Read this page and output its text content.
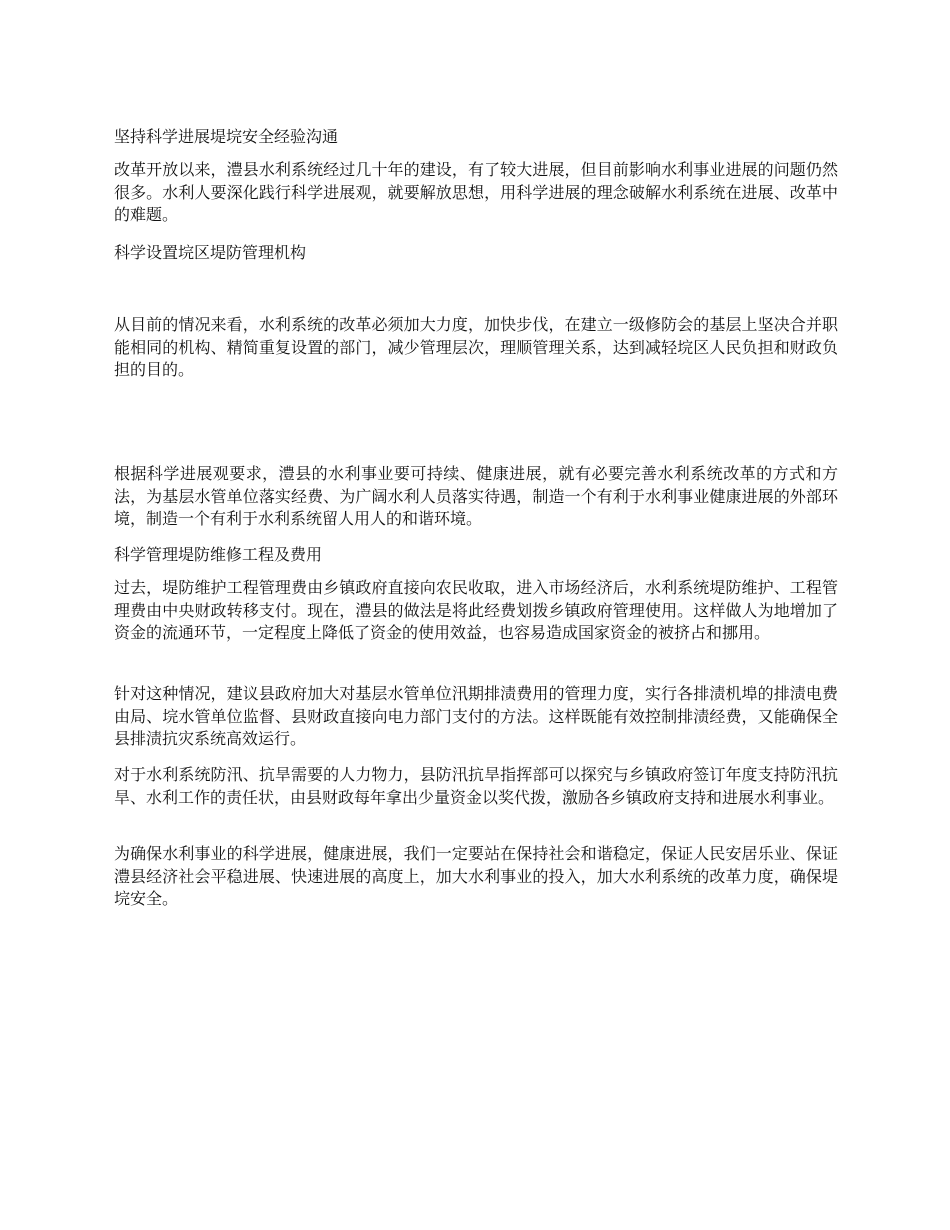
坚持科学进展堤垸安全经验沟通
改革开放以来，澧县水利系统经过几十年的建设，有了较大进展，但目前影响水利事业进展的问题仍然很多。水利人要深化践行科学进展观，就要解放思想，用科学进展的理念破解水利系统在进展、改革中的难题。
科学设置垸区堤防管理机构
从目前的情况来看，水利系统的改革必须加大力度，加快步伐，在建立一级修防会的基层上坚决合并职能相同的机构、精简重复设置的部门，减少管理层次，理顺管理关系，达到减轻垸区人民负担和财政负担的目的。
根据科学进展观要求，澧县的水利事业要可持续、健康进展，就有必要完善水利系统改革的方式和方法，为基层水管单位落实经费、为广阔水利人员落实待遇，制造一个有利于水利事业健康进展的外部环境，制造一个有利于水利系统留人用人的和谐环境。
科学管理堤防维修工程及费用
过去，堤防维护工程管理费由乡镇政府直接向农民收取，进入市场经济后，水利系统堤防维护、工程管理费由中央财政转移支付。现在，澧县的做法是将此经费划拨乡镇政府管理使用。这样做人为地增加了资金的流通环节，一定程度上降低了资金的使用效益，也容易造成国家资金的被挤占和挪用。
针对这种情况，建议县政府加大对基层水管单位汛期排渍费用的管理力度，实行各排渍机埠的排渍电费由局、垸水管单位监督、县财政直接向电力部门支付的方法。这样既能有效控制排渍经费，又能确保全县排渍抗灾系统高效运行。
对于水利系统防汛、抗旱需要的人力物力，县防汛抗旱指挥部可以探究与乡镇政府签订年度支持防汛抗旱、水利工作的责任状，由县财政每年拿出少量资金以奖代拨，激励各乡镇政府支持和进展水利事业。
为确保水利事业的科学进展，健康进展，我们一定要站在保持社会和谐稳定，保证人民安居乐业、保证澧县经济社会平稳进展、快速进展的高度上，加大水利事业的投入，加大水利系统的改革力度，确保堤垸安全。
